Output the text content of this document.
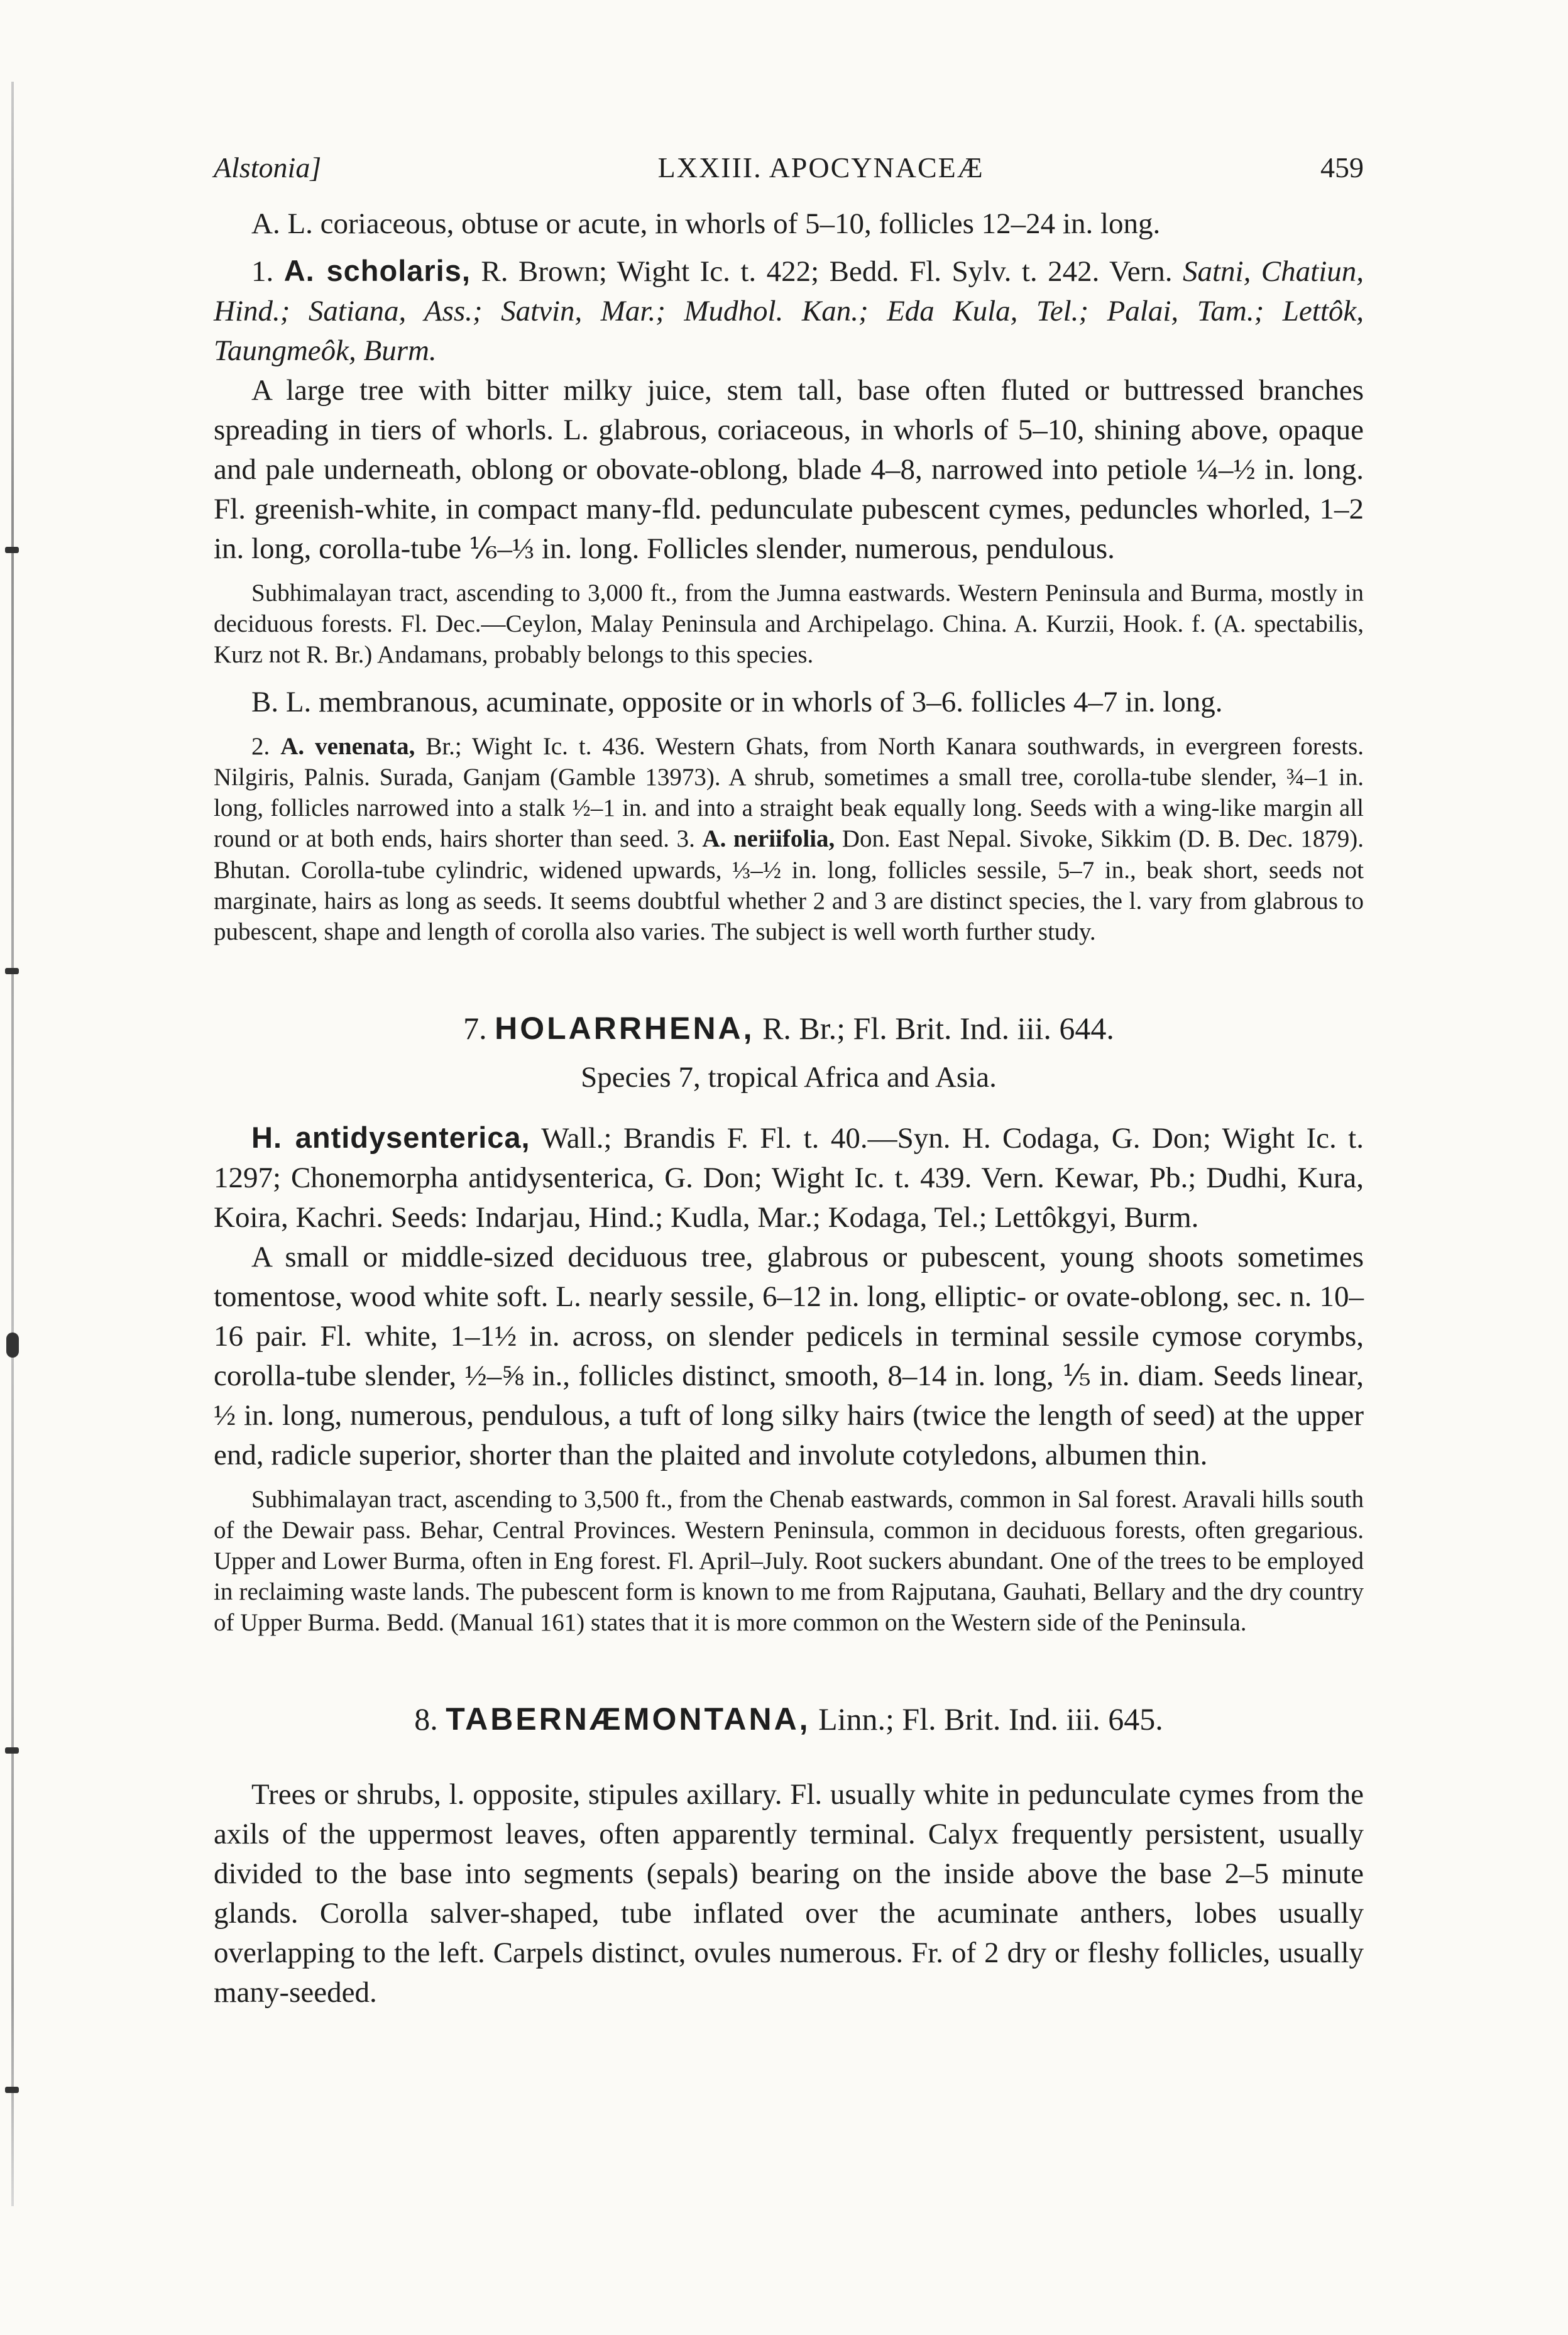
Alstonia]	LXXIII. APOCYNACEÆ	459

A. L. coriaceous, obtuse or acute, in whorls of 5–10, follicles 12–24 in. long.

1. A. scholaris, R. Brown; Wight Ic. t. 422; Bedd. Fl. Sylv. t. 242. Vern. Satni, Chatiun, Hind.; Satiana, Ass.; Satvin, Mar.; Mudhol. Kan.; Eda Kula, Tel.; Palai, Tam.; Lettôk, Taungmeôk, Burm.

A large tree with bitter milky juice, stem tall, base often fluted or buttressed branches spreading in tiers of whorls. L. glabrous, coriaceous, in whorls of 5–10, shining above, opaque and pale underneath, oblong or obovate-oblong, blade 4–8, narrowed into petiole ¼–½ in. long. Fl. greenish-white, in compact many-fld. pedunculate pubescent cymes, peduncles whorled, 1–2 in. long, corolla-tube ⅙–⅓ in. long. Follicles slender, numerous, pendulous.

Subhimalayan tract, ascending to 3,000 ft., from the Jumna eastwards. Western Peninsula and Burma, mostly in deciduous forests. Fl. Dec.—Ceylon, Malay Peninsula and Archipelago. China. A. Kurzii, Hook. f. (A. spectabilis, Kurz not R. Br.) Andamans, probably belongs to this species.

B. L. membranous, acuminate, opposite or in whorls of 3–6. follicles 4–7 in. long.

2. A. venenata, Br.; Wight Ic. t. 436. Western Ghats, from North Kanara southwards, in evergreen forests. Nilgiris, Palnis. Surada, Ganjam (Gamble 13973). A shrub, sometimes a small tree, corolla-tube slender, ¾–1 in. long, follicles narrowed into a stalk ½–1 in. and into a straight beak equally long. Seeds with a wing-like margin all round or at both ends, hairs shorter than seed. 3. A. neriifolia, Don. East Nepal. Sivoke, Sikkim (D. B. Dec. 1879). Bhutan. Corolla-tube cylindric, widened upwards, ⅓–½ in. long, follicles sessile, 5–7 in., beak short, seeds not marginate, hairs as long as seeds. It seems doubtful whether 2 and 3 are distinct species, the l. vary from glabrous to pubescent, shape and length of corolla also varies. The subject is well worth further study.

7. HOLARRHENA, R. Br.; Fl. Brit. Ind. iii. 644.
Species 7, tropical Africa and Asia.

H. antidysenterica, Wall.; Brandis F. Fl. t. 40.—Syn. H. Codaga, G. Don; Wight Ic. t. 1297; Chonemorpha antidysenterica, G. Don; Wight Ic. t. 439. Vern. Kewar, Pb.; Dudhi, Kura, Koira, Kachri. Seeds: Indarjau, Hind.; Kudla, Mar.; Kodaga, Tel.; Lettôkgyi, Burm.

A small or middle-sized deciduous tree, glabrous or pubescent, young shoots sometimes tomentose, wood white soft. L. nearly sessile, 6–12 in. long, elliptic- or ovate-oblong, sec. n. 10–16 pair. Fl. white, 1–1½ in. across, on slender pedicels in terminal sessile cymose corymbs, corolla-tube slender, ½–⅝ in., follicles distinct, smooth, 8–14 in. long, ⅕ in. diam. Seeds linear, ½ in. long, numerous, pendulous, a tuft of long silky hairs (twice the length of seed) at the upper end, radicle superior, shorter than the plaited and involute cotyledons, albumen thin.

Subhimalayan tract, ascending to 3,500 ft., from the Chenab eastwards, common in Sal forest. Aravali hills south of the Dewair pass. Behar, Central Provinces. Western Peninsula, common in deciduous forests, often gregarious. Upper and Lower Burma, often in Eng forest. Fl. April–July. Root suckers abundant. One of the trees to be employed in reclaiming waste lands. The pubescent form is known to me from Rajputana, Gauhati, Bellary and the dry country of Upper Burma. Bedd. (Manual 161) states that it is more common on the Western side of the Peninsula.

8. TABERNÆMONTANA, Linn.; Fl. Brit. Ind. iii. 645.

Trees or shrubs, l. opposite, stipules axillary. Fl. usually white in pedunculate cymes from the axils of the uppermost leaves, often apparently terminal. Calyx frequently persistent, usually divided to the base into segments (sepals) bearing on the inside above the base 2–5 minute glands. Corolla salver-shaped, tube inflated over the acuminate anthers, lobes usually overlapping to the left. Carpels distinct, ovules numerous. Fr. of 2 dry or fleshy follicles, usually many-seeded.
